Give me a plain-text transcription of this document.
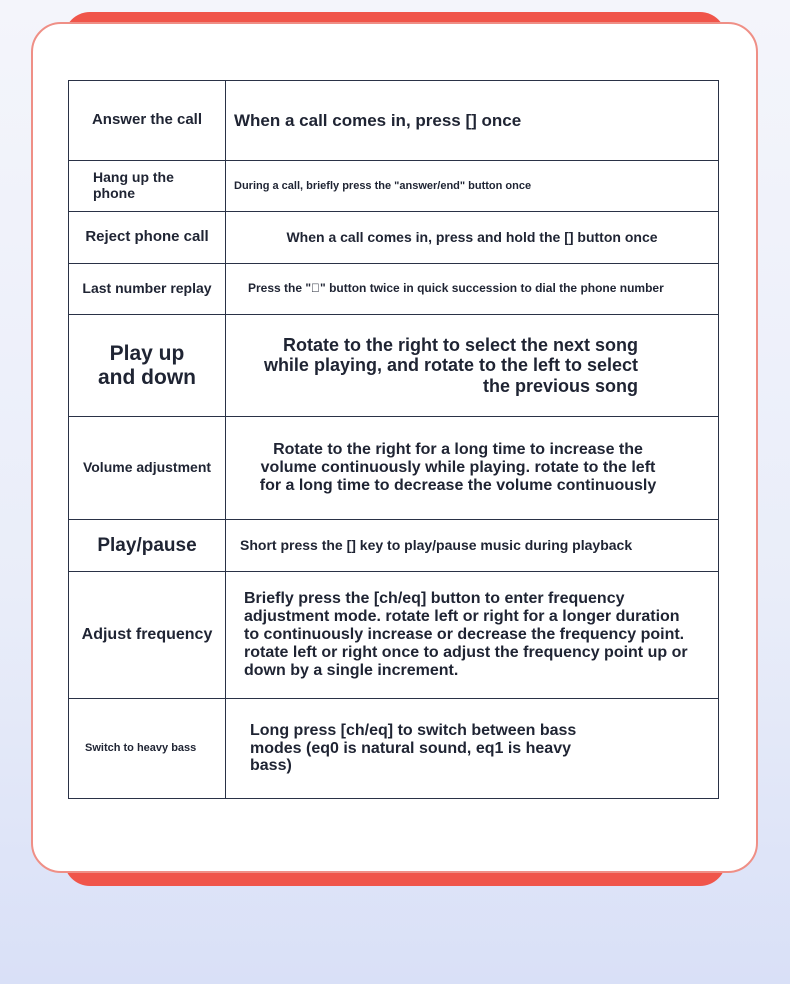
Answer the call	When a call comes in, press [] once
Hang up the phone	During a call, briefly press the "answer/end" button once
Reject phone call	When a call comes in, press and hold the [] button once
Last number replay	Press the " " button twice in quick succession to dial the phone number
Play up and down	Rotate to the right to select the next song while playing, and rotate to the left to select the previous song
Volume adjustment	Rotate to the right for a long time to increase the volume continuously while playing. rotate to the left for a long time to decrease the volume continuously
Play/pause	Short press the [] key to play/pause music during playback
Adjust frequency	Briefly press the [ch/eq] button to enter frequency adjustment mode. rotate left or right for a longer duration to continuously increase or decrease the frequency point. rotate left or right once to adjust the frequency point up or down by a single increment.
Switch to heavy bass	Long press [ch/eq] to switch between bass modes (eq0 is natural sound, eq1 is heavy bass)
